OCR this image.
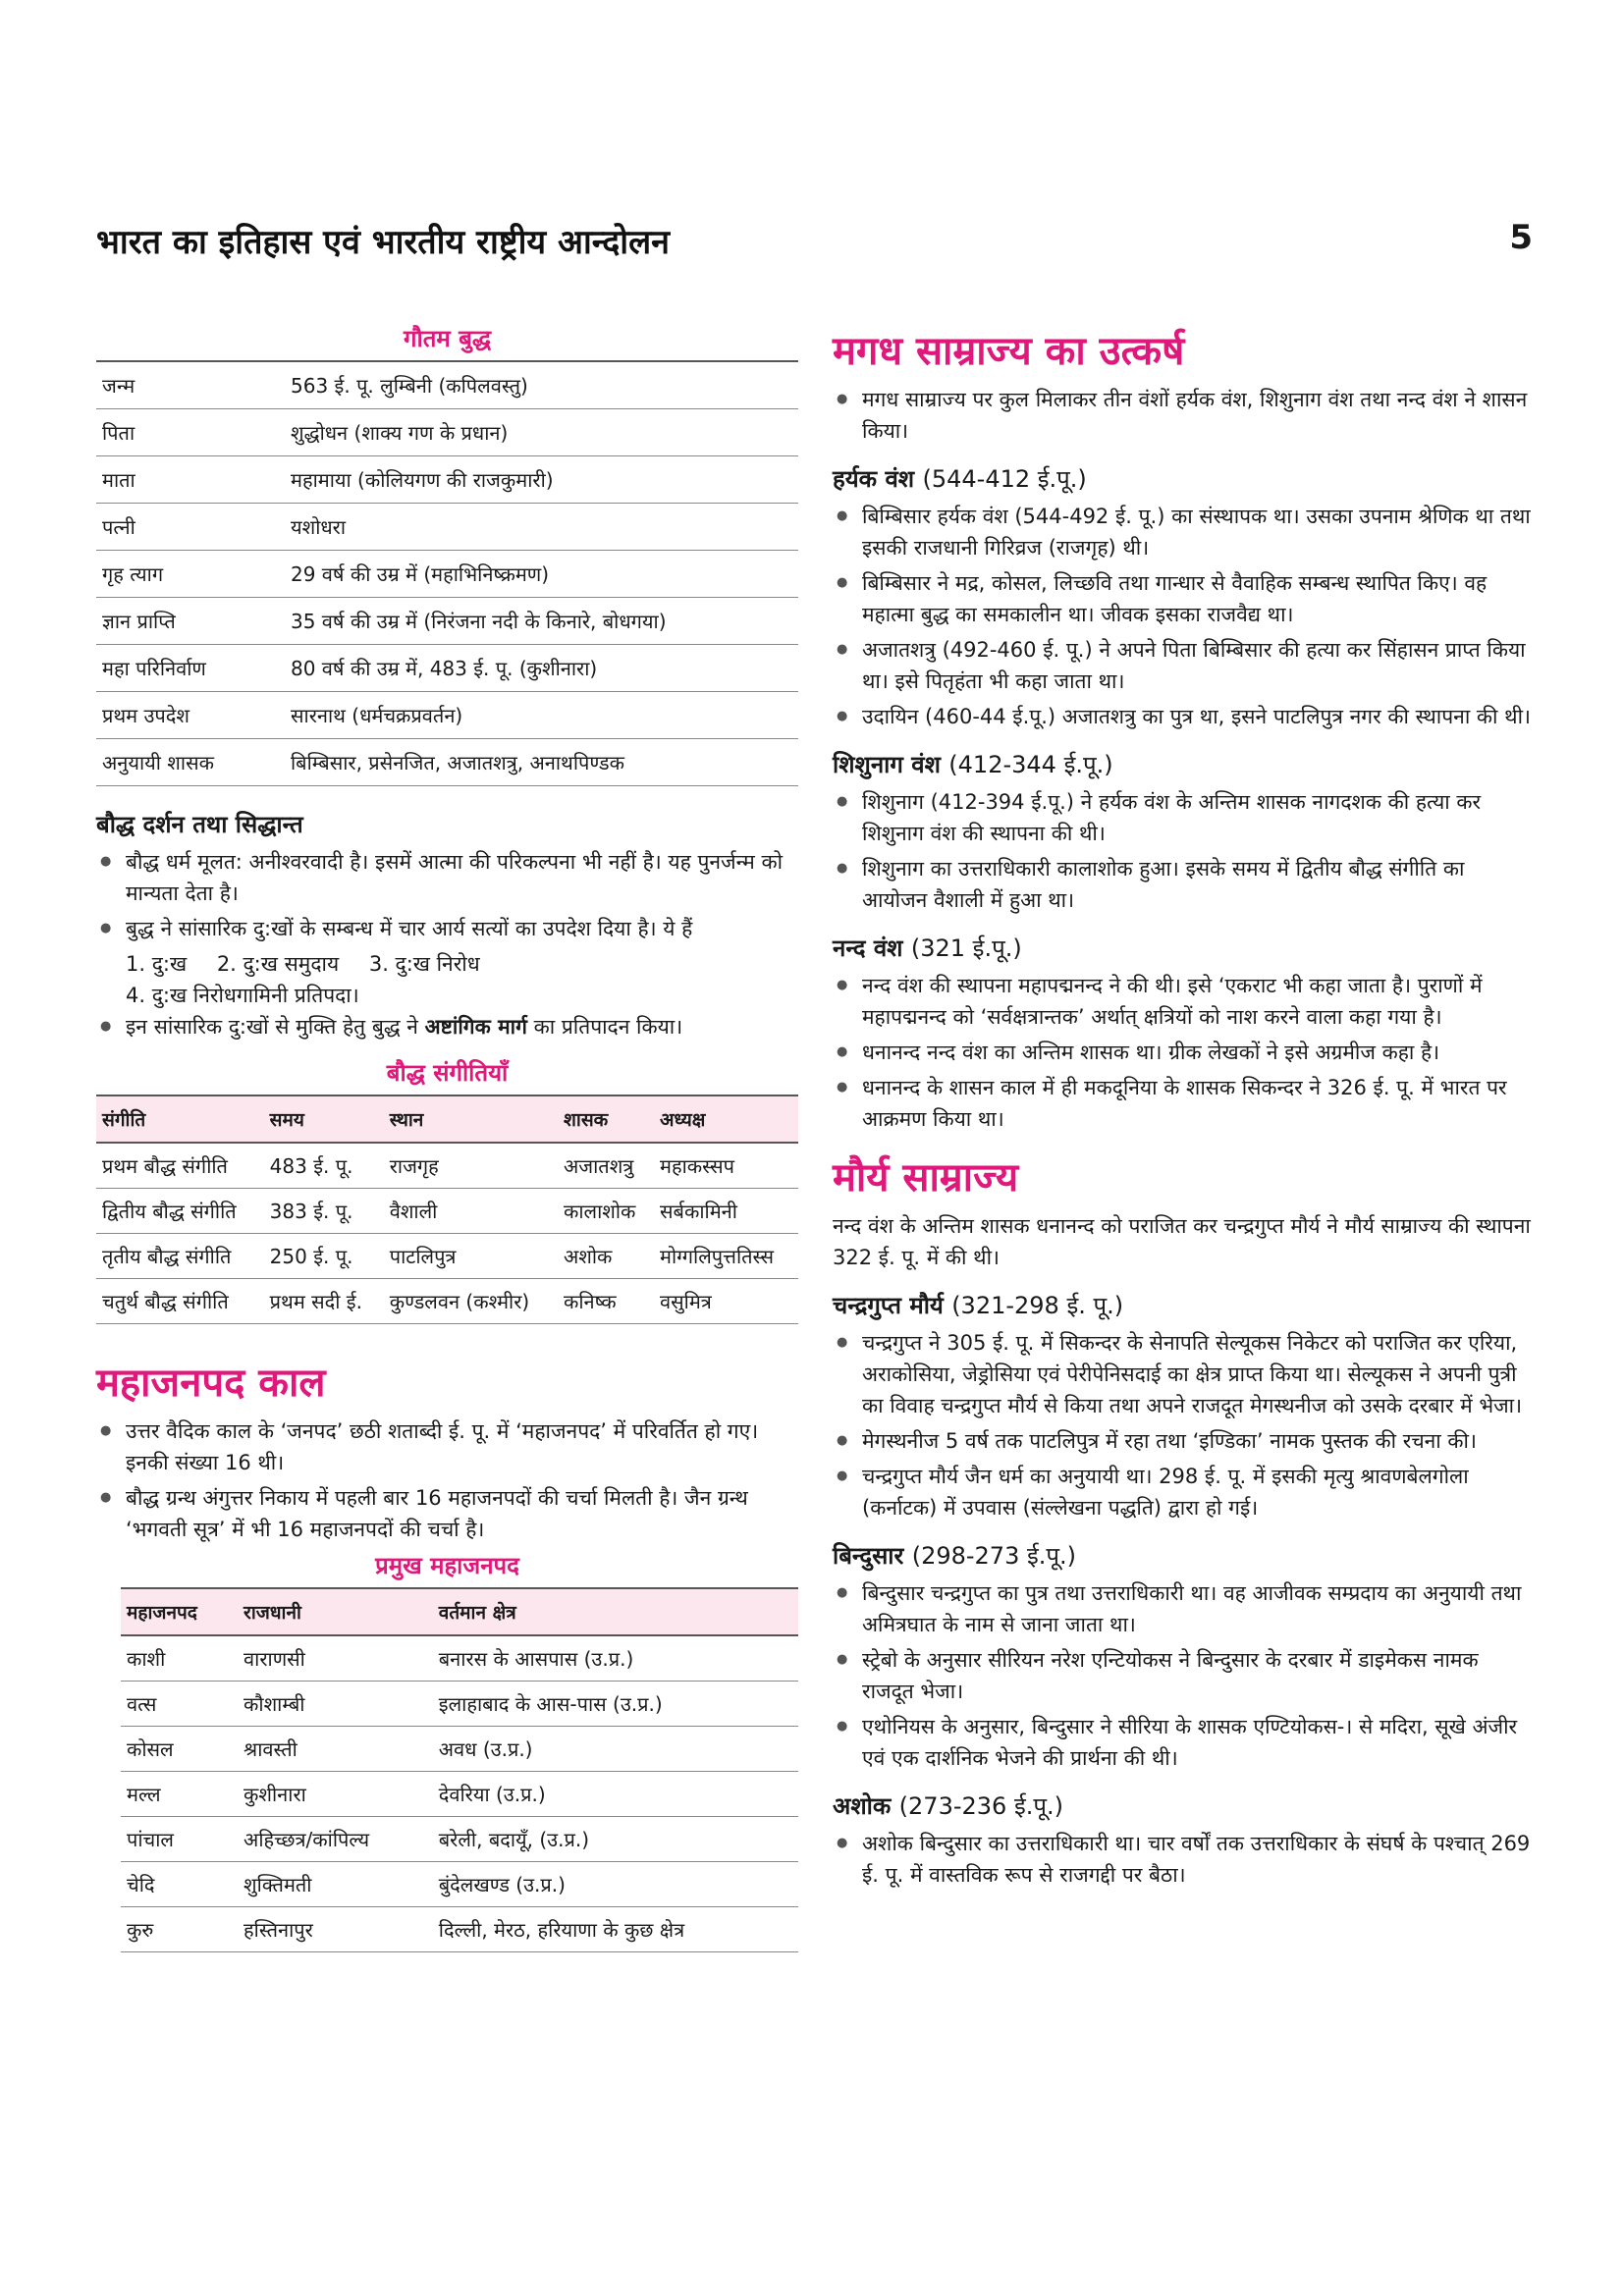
भारत का इतिहास एवं भारतीय राष्ट्रीय आन्दोलन	5
गौतम बुद्ध
जन्म	563 ई. पू. लुम्बिनी (कपिलवस्तु)
पिता	शुद्धोधन (शाक्य गण के प्रधान)
माता	महामाया (कोलियगण की राजकुमारी)
पत्नी	यशोधरा
गृह त्याग	29 वर्ष की उम्र में (महाभिनिष्क्रमण)
ज्ञान प्राप्ति	35 वर्ष की उम्र में (निरंजना नदी के किनारे, बोधगया)
महा परिनिर्वाण	80 वर्ष की उम्र में, 483 ई. पू. (कुशीनारा)
प्रथम उपदेश	सारनाथ (धर्मचक्रप्रवर्तन)
अनुयायी शासक	बिम्बिसार, प्रसेनजित, अजातशत्रु, अनाथपिण्डक
बौद्ध दर्शन तथा सिद्धान्त
● बौद्ध धर्म मूलत: अनीश्वरवादी है। इसमें आत्मा की परिकल्पना भी नहीं है। यह पुनर्जन्म को मान्यता देता है।
● बुद्ध ने सांसारिक दु:खों के सम्बन्ध में चार आर्य सत्यों का उपदेश दिया है। ये हैं
1. दु:ख 2. दु:ख समुदाय 3. दु:ख निरोध
4. दु:ख निरोधगामिनी प्रतिपदा।
● इन सांसारिक दु:खों से मुक्ति हेतु बुद्ध ने अष्टांगिक मार्ग का प्रतिपादन किया।
बौद्ध संगीतियाँ
संगीति	समय	स्थान	शासक	अध्यक्ष
प्रथम बौद्ध संगीति	483 ई. पू.	राजगृह	अजातशत्रु	महाकस्सप
द्वितीय बौद्ध संगीति	383 ई. पू.	वैशाली	कालाशोक	सर्बकामिनी
तृतीय बौद्ध संगीति	250 ई. पू.	पाटलिपुत्र	अशोक	मोग्गलिपुत्ततिस्स
चतुर्थ बौद्ध संगीति	प्रथम सदी ई.	कुण्डलवन (कश्मीर)	कनिष्क	वसुमित्र
महाजनपद काल
● उत्तर वैदिक काल के ‘जनपद’ छठी शताब्दी ई. पू. में ‘महाजनपद’ में परिवर्तित हो गए। इनकी संख्या 16 थी।
● बौद्ध ग्रन्थ अंगुत्तर निकाय में पहली बार 16 महाजनपदों की चर्चा मिलती है। जैन ग्रन्थ ‘भगवती सूत्र’ में भी 16 महाजनपदों की चर्चा है।
प्रमुख महाजनपद
महाजनपद	राजधानी	वर्तमान क्षेत्र
काशी	वाराणसी	बनारस के आसपास (उ.प्र.)
वत्स	कौशाम्बी	इलाहाबाद के आस-पास (उ.प्र.)
कोसल	श्रावस्ती	अवध (उ.प्र.)
मल्ल	कुशीनारा	देवरिया (उ.प्र.)
पांचाल	अहिच्छत्र/कांपिल्य	बरेली, बदायूँ, (उ.प्र.)
चेदि	शुक्तिमती	बुंदेलखण्ड (उ.प्र.)
कुरु	हस्तिनापुर	दिल्ली, मेरठ, हरियाणा के कुछ क्षेत्र
मगध साम्राज्य का उत्कर्ष
● मगध साम्राज्य पर कुल मिलाकर तीन वंशों हर्यक वंश, शिशुनाग वंश तथा नन्द वंश ने शासन किया।
हर्यक वंश (544-412 ई.पू.)
● बिम्बिसार हर्यक वंश (544-492 ई. पू.) का संस्थापक था। उसका उपनाम श्रेणिक था तथा इसकी राजधानी गिरिव्रज (राजगृह) थी।
● बिम्बिसार ने मद्र, कोसल, लिच्छवि तथा गान्धार से वैवाहिक सम्बन्ध स्थापित किए। वह महात्मा बुद्ध का समकालीन था। जीवक इसका राजवैद्य था।
● अजातशत्रु (492-460 ई. पू.) ने अपने पिता बिम्बिसार की हत्या कर सिंहासन प्राप्त किया था। इसे पितृहंता भी कहा जाता था।
● उदायिन (460-44 ई.पू.) अजातशत्रु का पुत्र था, इसने पाटलिपुत्र नगर की स्थापना की थी।
शिशुनाग वंश (412-344 ई.पू.)
● शिशुनाग (412-394 ई.पू.) ने हर्यक वंश के अन्तिम शासक नागदशक की हत्या कर शिशुनाग वंश की स्थापना की थी।
● शिशुनाग का उत्तराधिकारी कालाशोक हुआ। इसके समय में द्वितीय बौद्ध संगीति का आयोजन वैशाली में हुआ था।
नन्द वंश (321 ई.पू.)
● नन्द वंश की स्थापना महापद्मनन्द ने की थी। इसे ‘एकराट भी कहा जाता है। पुराणों में महापद्मनन्द को ‘सर्वक्षत्रान्तक’ अर्थात् क्षत्रियों को नाश करने वाला कहा गया है।
● धनानन्द नन्द वंश का अन्तिम शासक था। ग्रीक लेखकों ने इसे अग्रमीज कहा है।
● धनानन्द के शासन काल में ही मकदूनिया के शासक सिकन्दर ने 326 ई. पू. में भारत पर आक्रमण किया था।
मौर्य साम्राज्य

नन्द वंश के अन्तिम शासक धनानन्द को पराजित कर चन्द्रगुप्त मौर्य ने मौर्य साम्राज्य की स्थापना 322 ई. पू. में की थी।

चन्द्रगुप्त मौर्य (321-298 ई. पू.)
● चन्द्रगुप्त ने 305 ई. पू. में सिकन्दर के सेनापति सेल्यूकस निकेटर को पराजित कर एरिया, अराकोसिया, जेड्रोसिया एवं पेरीपेनिसदाई का क्षेत्र प्राप्त किया था। सेल्यूकस ने अपनी पुत्री का विवाह चन्द्रगुप्त मौर्य से किया तथा अपने राजदूत मेगस्थनीज को उसके दरबार में भेजा।
● मेगस्थनीज 5 वर्ष तक पाटलिपुत्र में रहा तथा ‘इण्डिका’ नामक पुस्तक की रचना की।
● चन्द्रगुप्त मौर्य जैन धर्म का अनुयायी था। 298 ई. पू. में इसकी मृत्यु श्रावणबेलगोला (कर्नाटक) में उपवास (संल्लेखना पद्धति) द्वारा हो गई।
बिन्दुसार (298-273 ई.पू.)
● बिन्दुसार चन्द्रगुप्त का पुत्र तथा उत्तराधिकारी था। वह आजीवक सम्प्रदाय का अनुयायी तथा अमित्रघात के नाम से जाना जाता था।
● स्ट्रेबो के अनुसार सीरियन नरेश एन्टियोकस ने बिन्दुसार के दरबार में डाइमेकस नामक राजदूत भेजा।
● एथोनियस के अनुसार, बिन्दुसार ने सीरिया के शासक एण्टियोकस-। से मदिरा, सूखे अंजीर एवं एक दार्शनिक भेजने की प्रार्थना की थी।
अशोक (273-236 ई.पू.)
● अशोक बिन्दुसार का उत्तराधिकारी था। चार वर्षों तक उत्तराधिकार के संघर्ष के पश्चात् 269 ई. पू. में वास्तविक रूप से राजगद्दी पर बैठा।
